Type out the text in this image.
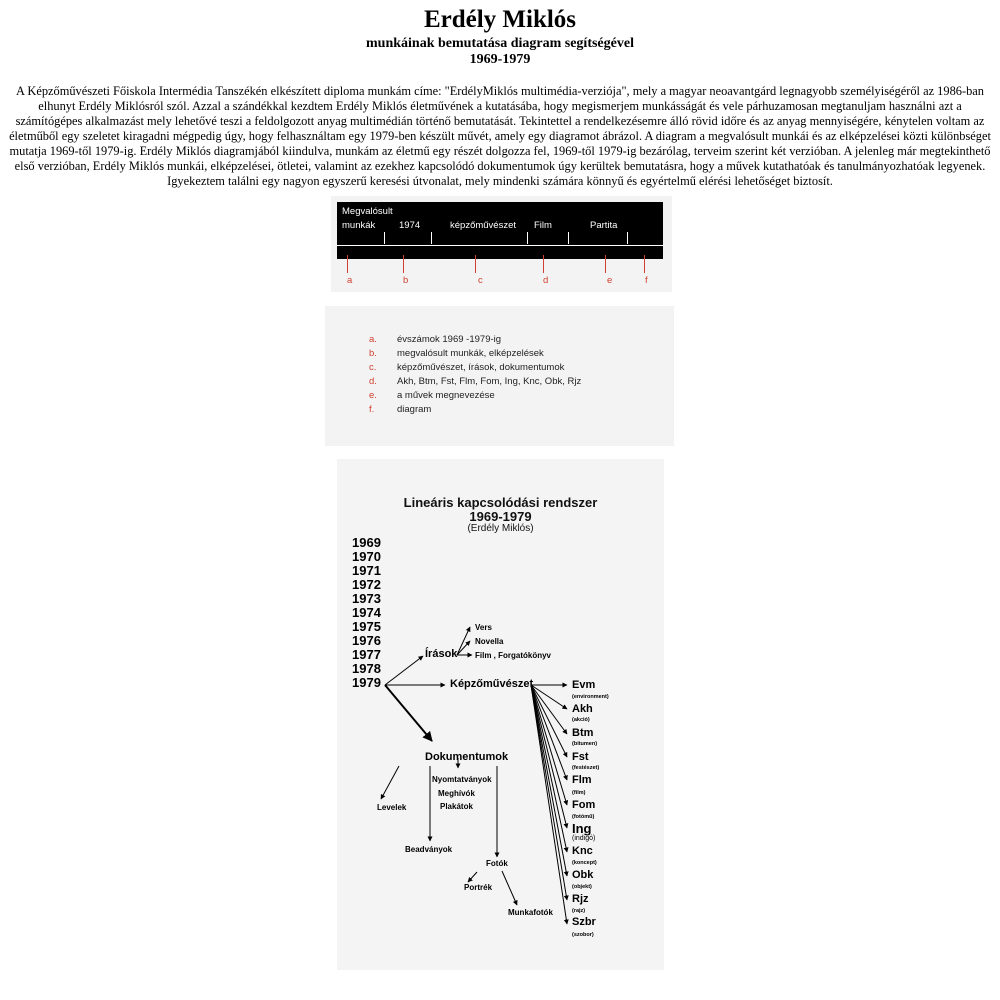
Erdély Miklós
munkáinak bemutatása diagram segítségével
1969-1979
A Képzőművészeti Főiskola Intermédia Tanszékén elkészített diploma munkám címe: "ErdélyMiklós multimédia-verziója", mely a magyar neoavantgárd legnagyobb személyiségéről az 1986-ban elhunyt Erdély Miklósról szól. Azzal a szándékkal kezdtem Erdély Miklós életművének a kutatásába, hogy megismerjem munkásságát és vele párhuzamosan megtanuljam használni azt a számítógépes alkalmazást mely lehetővé teszi a feldolgozott anyag multimédián történő bemutatását. Tekintettel a rendelkezésemre álló rövid időre és az anyag mennyiségére, kénytelen voltam az életműből egy szeletet kiragadni mégpedig úgy, hogy felhasználtam egy 1979-ben készült művét, amely egy diagramot ábrázol. A diagram a megvalósult munkái és az elképzelései közti különbséget mutatja 1969-től 1979-ig. Erdély Miklós diagramjából kiindulva, munkám az életmű egy részét dolgozza fel, 1969-től 1979-ig bezárólag, terveim szerint két verzióban. A jelenleg már megtekinthető első verzióban, Erdély Miklós munkái, elképzelései, ötletei, valamint az ezekhez kapcsolódó dokumentumok úgy kerültek bemutatásra, hogy a művek kutathatóak és tanulmányozhatóak legyenek. Igyekeztem találni egy nagyon egyszerű keresési útvonalat, mely mindenki számára könnyű és egyértelmű elérési lehetőséget biztosít.
Megvalósult
munkák 1974	képzőművészet Film	Partita
a	b	c	d	e	f
a. évszámok 1969 -1979-ig
b. megvalósult munkák, elképzelések
c. képzőművészet, írások, dokumentumok
d. Akh, Btm, Fst, Flm, Fom, Ing, Knc, Obk, Rjz
e. a művek megnevezése
f. diagram
Lineáris kapcsolódási rendszer
1969-1979
(Erdély Miklós)
1969
1970
1971
1972
1973
1974
1975
1976
1977
1978
1979
Írások
Vers
Novella
Film , Forgatókönyv
Képzőművészet
Dokumentumok
Levelek
Nyomtatványok
Meghívók
Plakátok
Beadványok
Fotók
Portrék
Munkafotók
Evm
(environment)
Akh
(akció)
Btm
(bitumen)
Fst
(festészet)
Flm
(film)
Fom
(fotómű)
Ing
(indigó)
Knc
(koncept)
Obk
(objekt)
Rjz
(rajz)
Szbr
(szobor)
